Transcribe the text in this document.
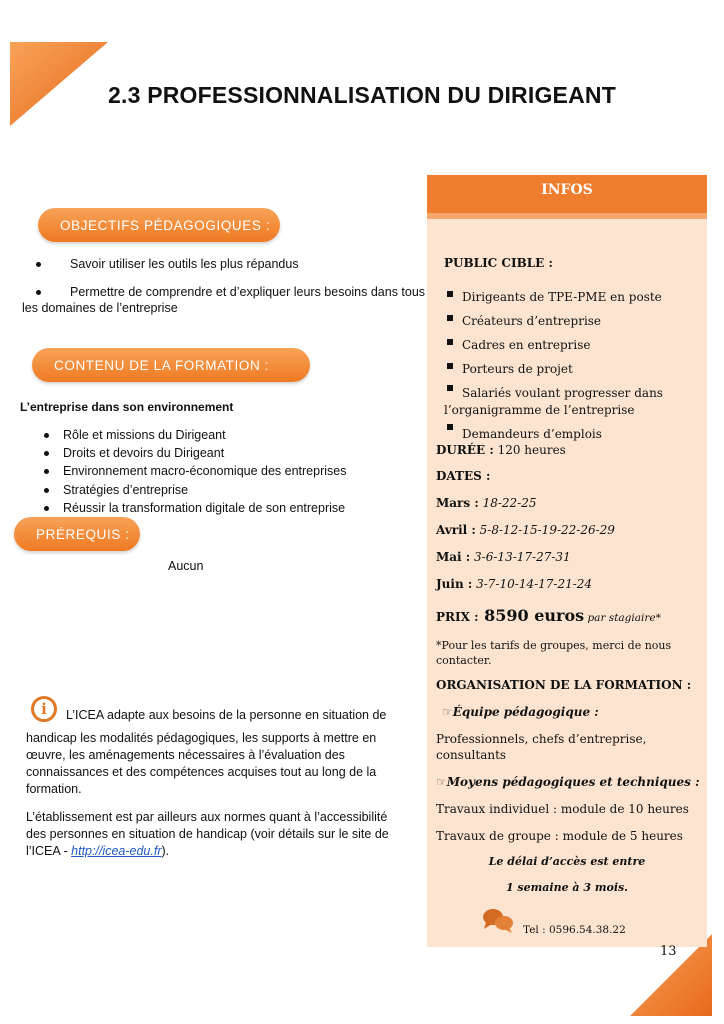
2.3 PROFESSIONNALISATION DU DIRIGEANT
OBJECTIFS PÉDAGOGIQUES :
Savoir utiliser les outils les plus répandus
Permettre de comprendre et d’expliquer leurs besoins dans tous
les domaines de l’entreprise
CONTENU DE LA FORMATION :
L’entreprise dans son environnement
Rôle et missions du Dirigeant
Droits et devoirs du Dirigeant
Environnement macro-économique des entreprises
Stratégies d’entreprise
Réussir la transformation digitale de son entreprise
PRÉREQUIS :
Aucun
i	L’ICEA adapte aux besoins de la personne en situation de
handicap les modalités pédagogiques, les supports à mettre en
œuvre, les aménagements nécessaires à l’évaluation des
connaissances et des compétences acquises tout au long de la
formation.
L’établissement est par ailleurs aux normes quant à l’accessibilité
des personnes en situation de handicap (voir détails sur le site de
l’ICEA - http://icea-edu.fr).
INFOS
PUBLIC CIBLE :
Dirigeants de TPE-PME en poste
Créateurs d’entreprise
Cadres en entreprise
Porteurs de projet
Salariés voulant progresser dans
l’organigramme de l’entreprise
Demandeurs d’emplois
DURÉE : 120 heures
DATES :
Mars : 18-22-25
Avril : 5-8-12-15-19-22-26-29
Mai : 3-6-13-17-27-31
Juin : 3-7-10-14-17-21-24
PRIX : 8590 euros par stagiaire*
*Pour les tarifs de groupes, merci de nous
contacter.
ORGANISATION DE LA FORMATION :
☞Équipe pédagogique :
Professionnels, chefs d’entreprise,
consultants
☞Moyens pédagogiques et techniques :
Travaux individuel : module de 10 heures
Travaux de groupe : module de 5 heures
Le délai d’accès est entre
1 semaine à 3 mois.
Tel : 0596.54.38.22
13
